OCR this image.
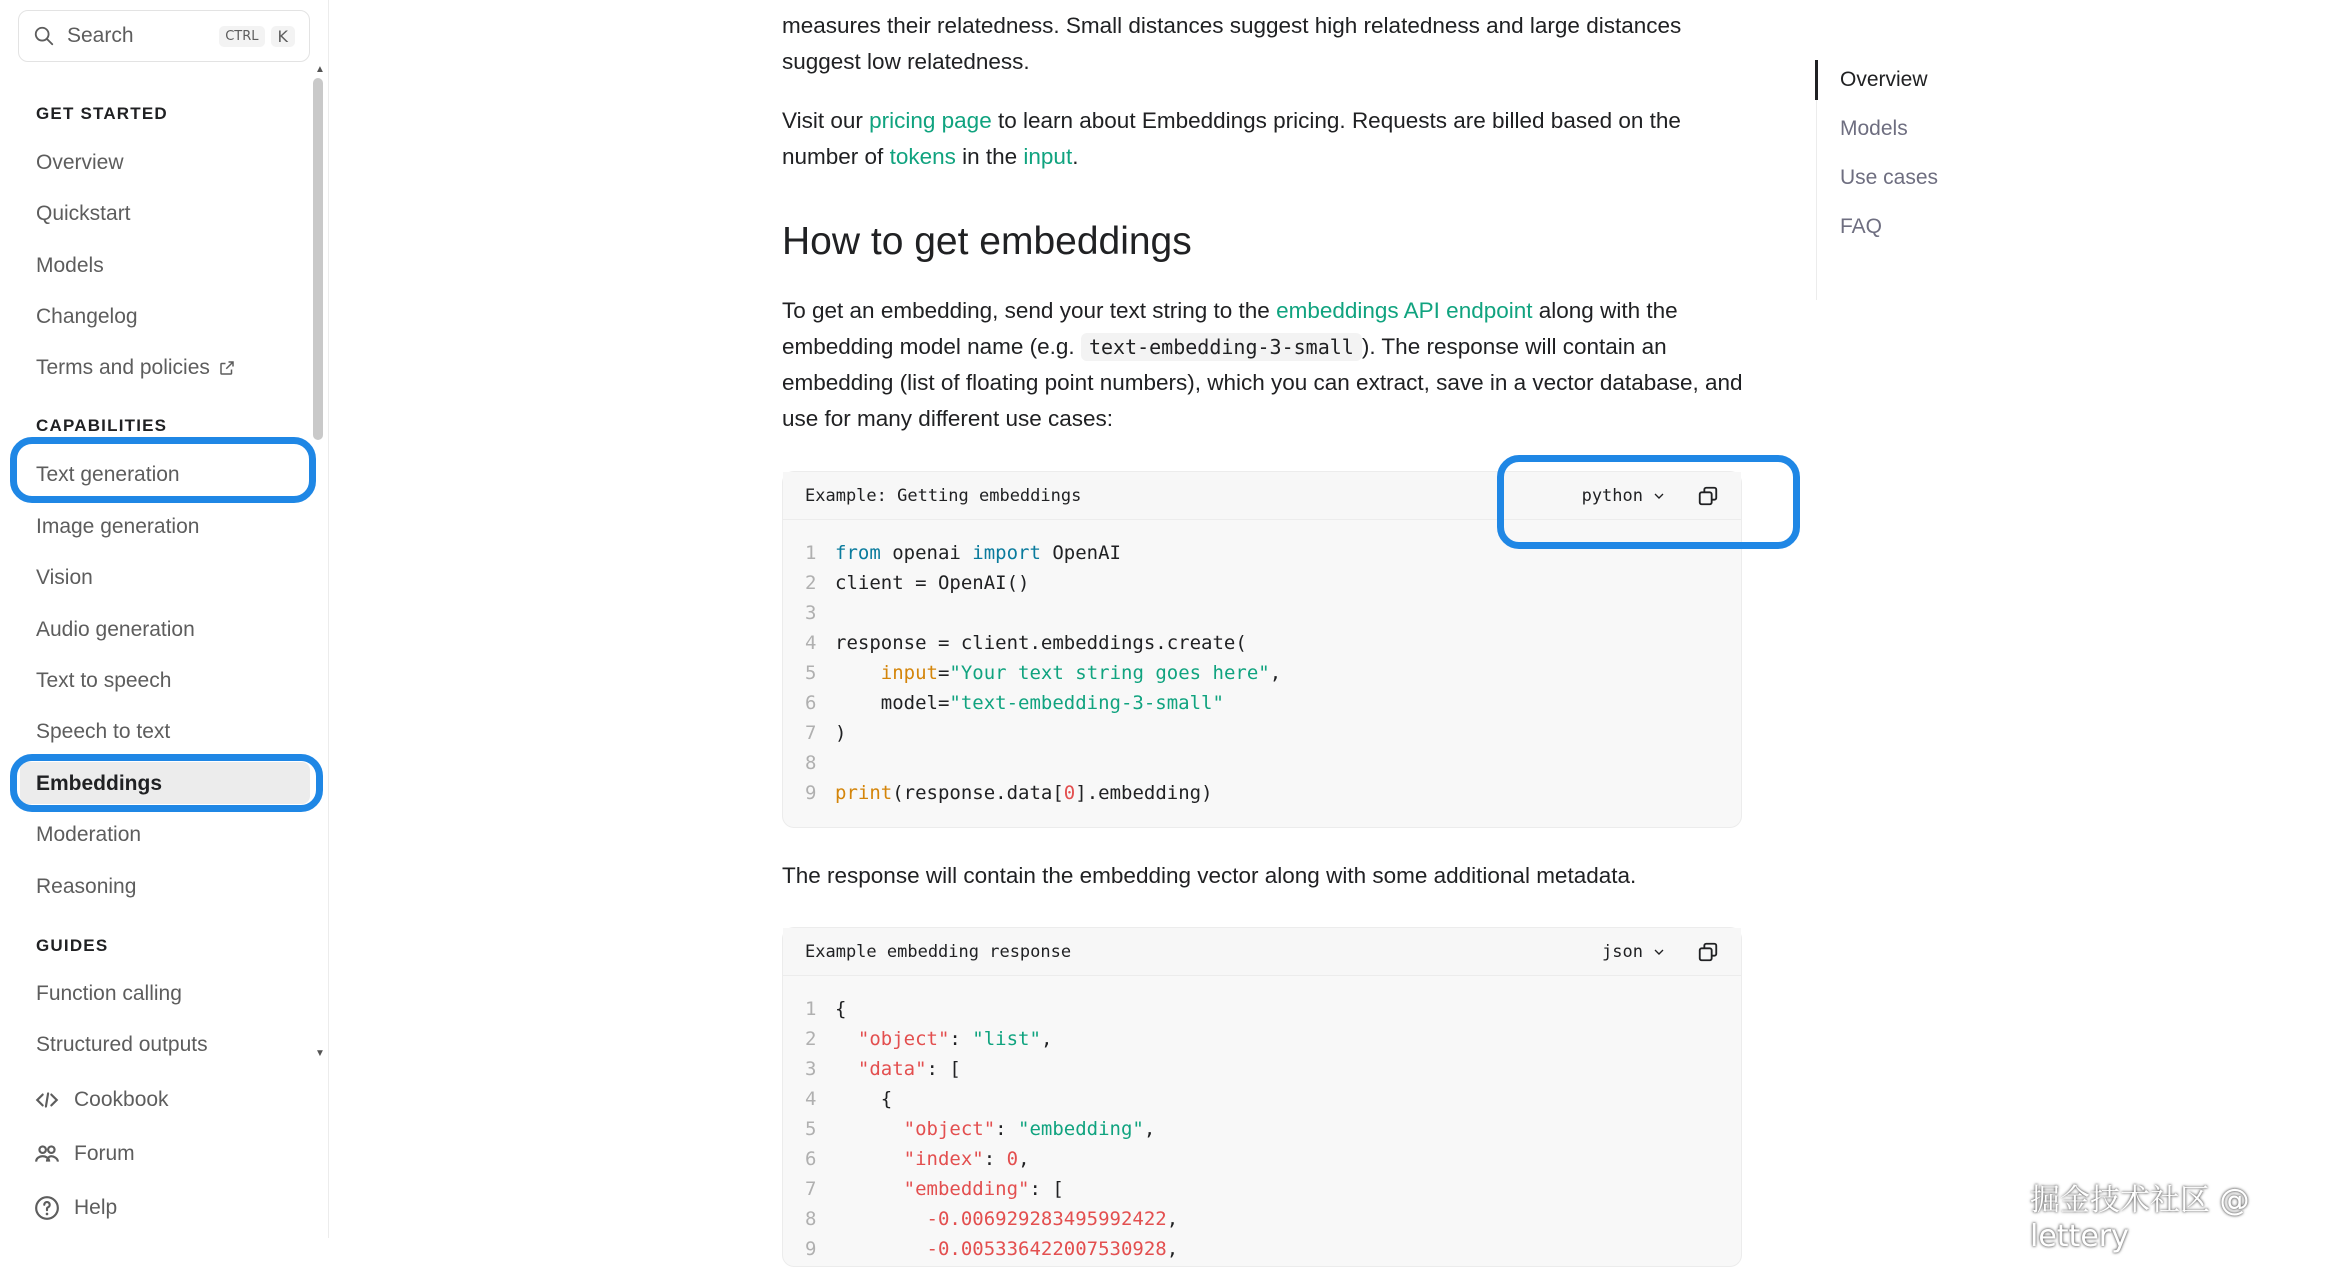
Search	CTRL	K
GET STARTED
Overview
Quickstart
Models
Changelog
Terms and policies
CAPABILITIES
Text generation
Image generation
Vision
Audio generation
Text to speech
Speech to text
Embeddings
Moderation
Reasoning
GUIDES
Function calling
Structured outputs
▲
▼
Cookbook
Forum
Help
measures their relatedness. Small distances suggest high relatedness and large distances
suggest low relatedness.
Visit our pricing page to learn about Embeddings pricing. Requests are billed based on the
number of tokens in the input.
How to get embeddings
To get an embedding, send your text string to the embeddings API endpoint along with the
embedding model name (e.g. text-embedding-3-small ). The response will contain an
embedding (list of floating point numbers), which you can extract, save in a vector database, and
use for many different use cases:
Example: Getting embeddings	python
1 from openai import OpenAI
2 client = OpenAI()
3
4 response = client.embeddings.create(
5	input="Your text string goes here",
6    model="text-embedding-3-small"
7 )
8
9 print(response.data[0].embedding)
The response will contain the embedding vector along with some additional metadata.
Example embedding response	json
1 {
2 "object": "list",
3 "data": [
4    {
5	"object": "embedding",
6	"index": 0,
7	"embedding": [
8	-0.006929283495992422,
9	-0.005336422007530928,
Overview
Models
Use cases
FAQ
掘金技术社区 @ lettery
